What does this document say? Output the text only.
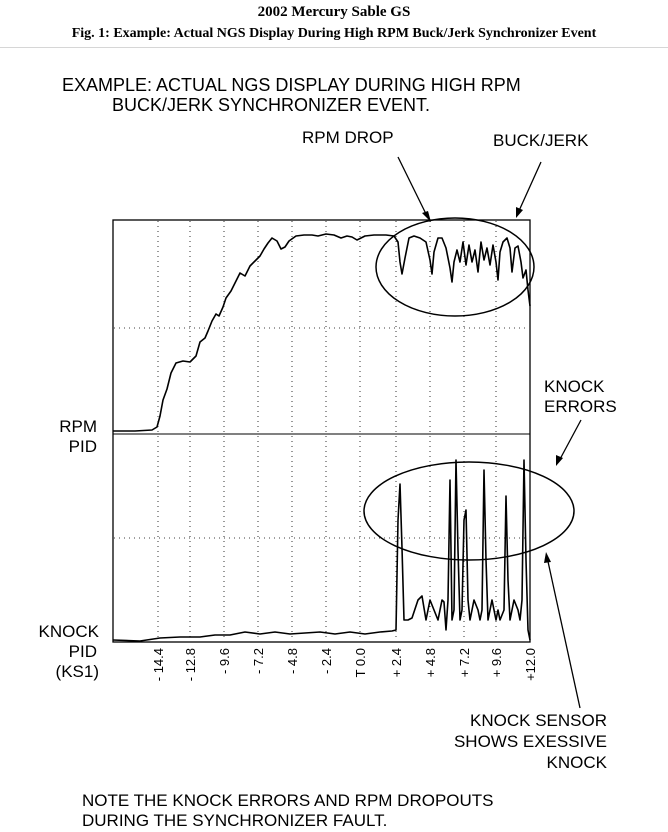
2002 Mercury Sable GS
Fig. 1: Example: Actual NGS Display During High RPM Buck/Jerk Synchronizer Event
EXAMPLE: ACTUAL NGS DISPLAY DURING HIGH RPM
BUCK/JERK SYNCHRONIZER EVENT.
RPM DROP	BUCK/JERK
KNOCK
ERRORS
RPM
PID
KNOCK
PID
(KS1)	- 14.4 - 12.8 - 9.6 - 7.2 - 4.8 - 2.4 T 0.0 + 2.4 + 4.8 + 7.2 + 9.6 +12.0
KNOCK SENSOR
SHOWS EXESSIVE
KNOCK
NOTE THE KNOCK ERRORS AND RPM DROPOUTS
DURING THE SYNCHRONIZER FAULT.
